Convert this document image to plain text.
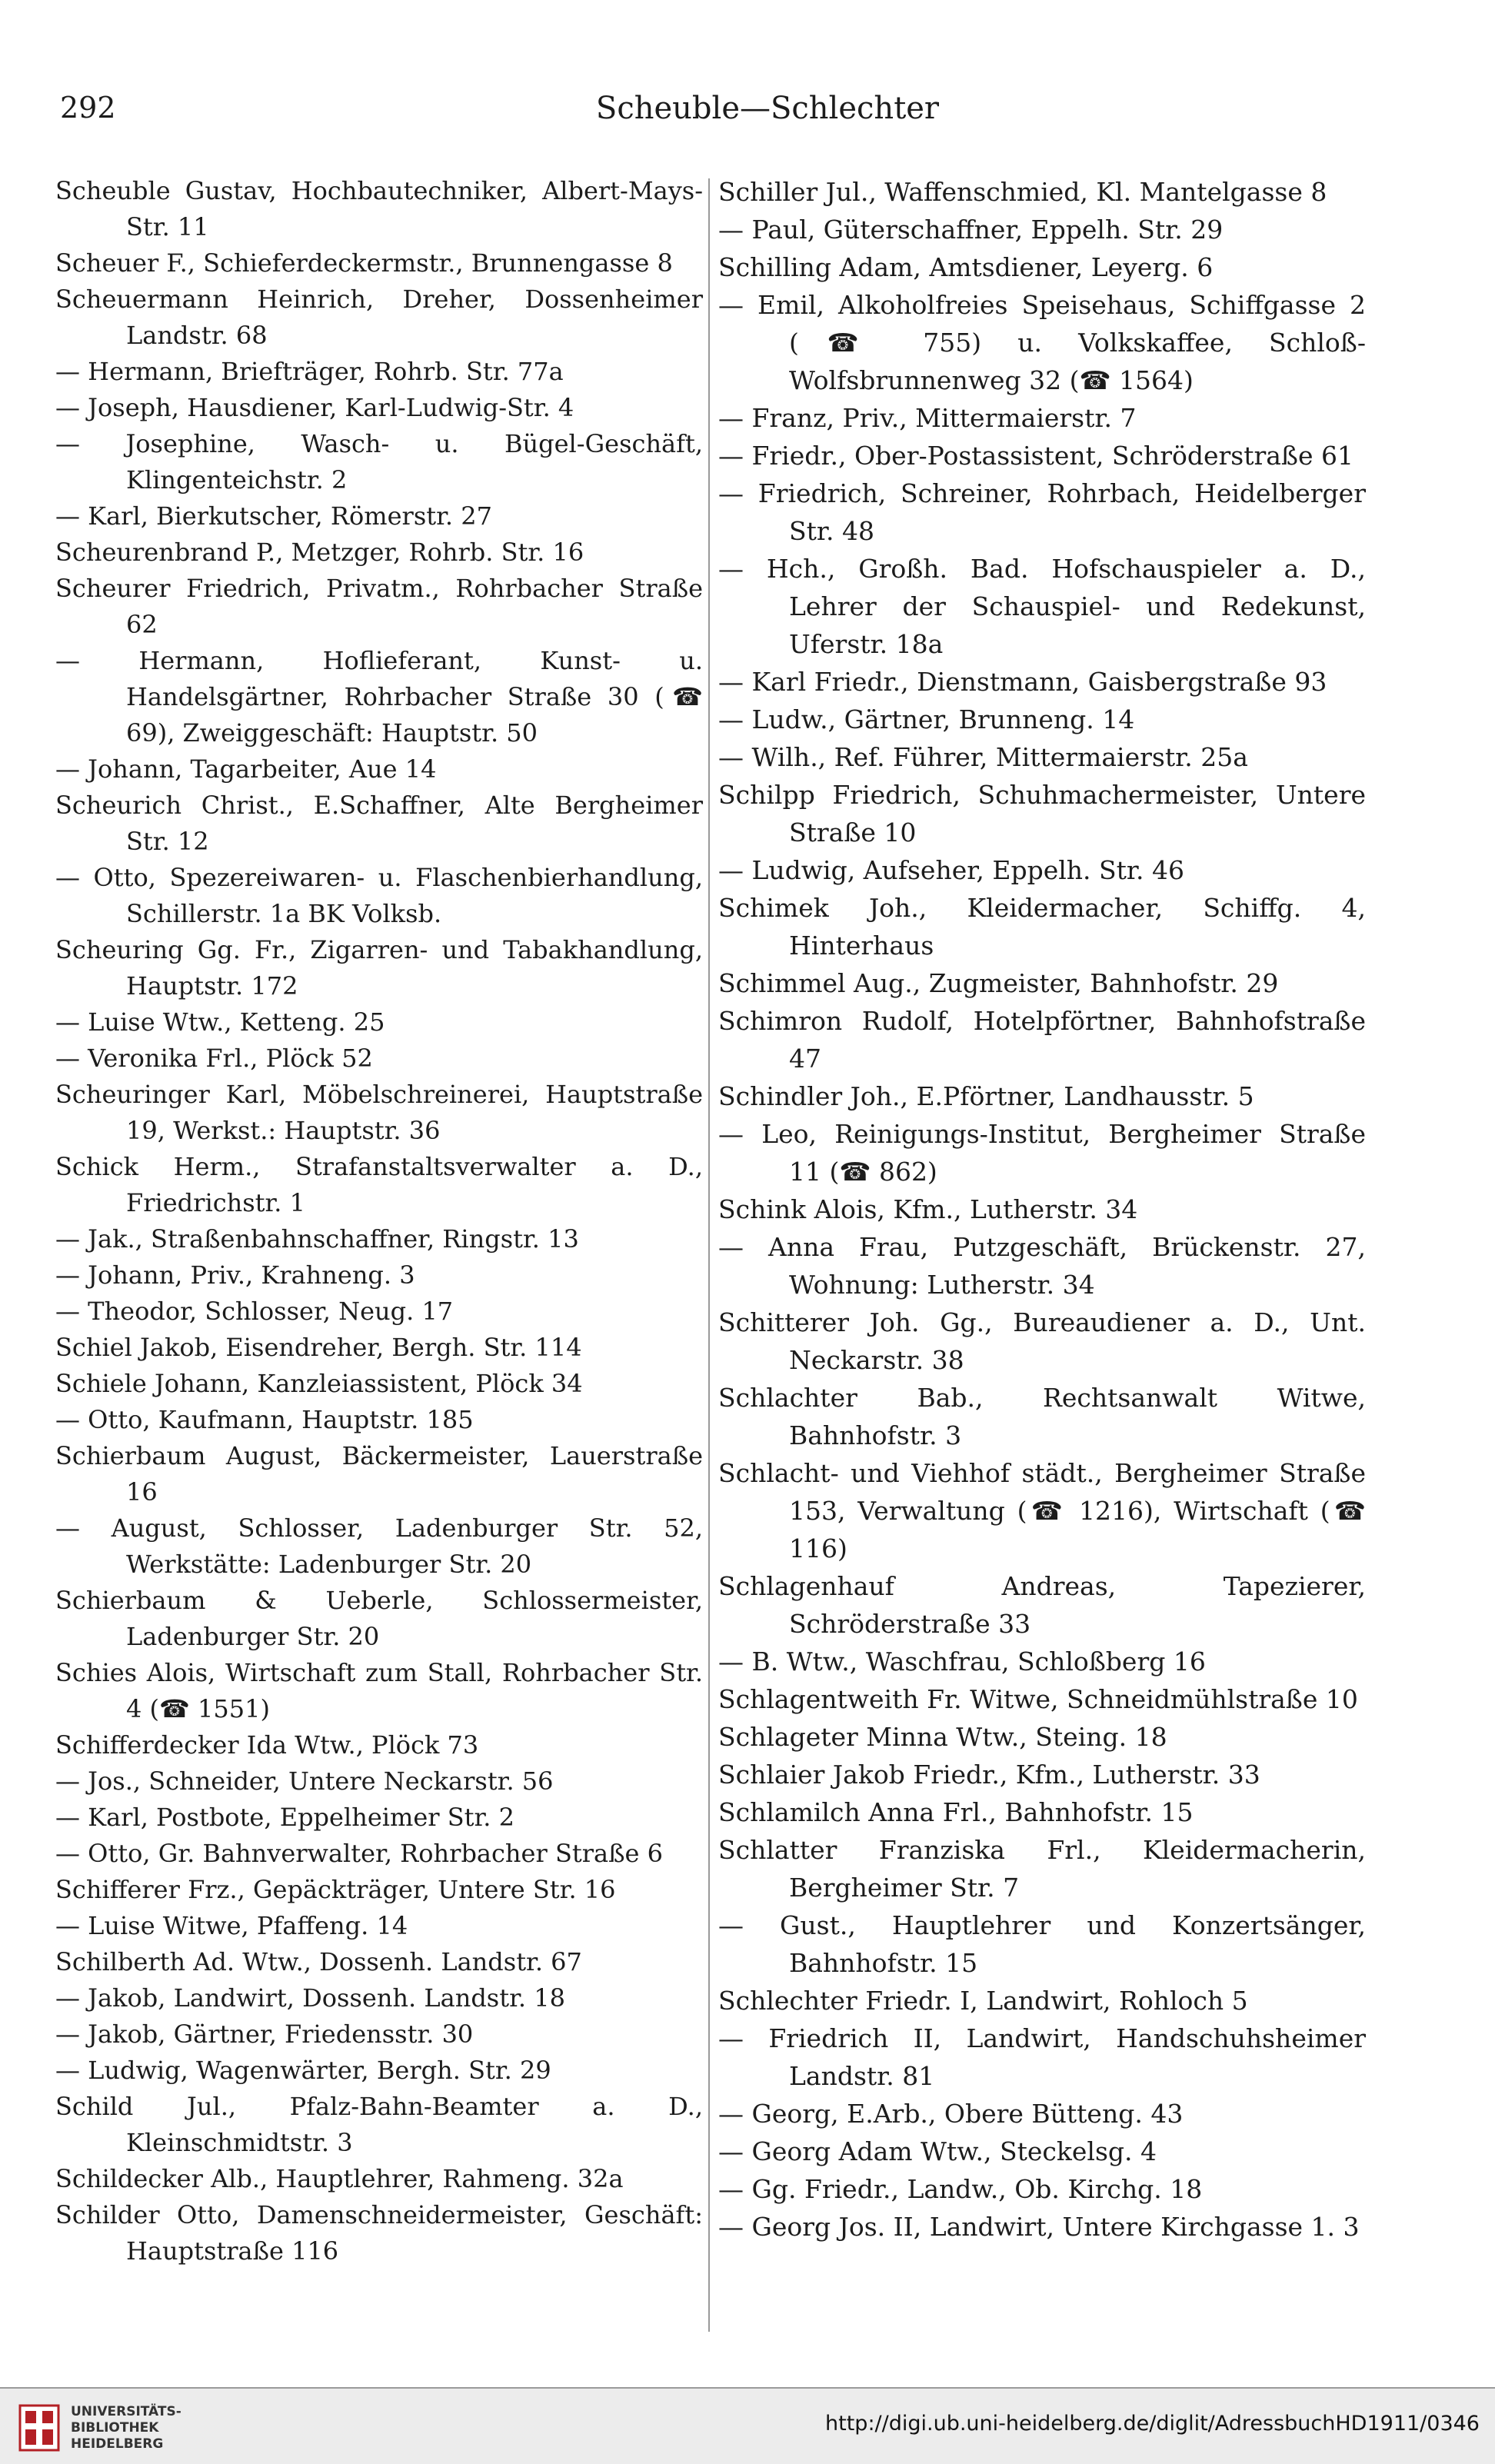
292	Scheuble—Schlechter

Scheuble Gustav, Hochbautechniker, Albert-Mays-Str. 11

Scheuer F., Schieferdeckermstr., Brunnengasse 8

Scheuermann Heinrich, Dreher, Dossenheimer Landstr. 68

— Hermann, Briefträger, Rohrb. Str. 77a

— Joseph, Hausdiener, Karl-Ludwig-Str. 4

— Josephine, Wasch- u. Bügel-Geschäft, Klingenteichstr. 2

— Karl, Bierkutscher, Römerstr. 27

Scheurenbrand P., Metzger, Rohrb. Str. 16

Scheurer Friedrich, Privatm., Rohrbacher Straße 62

— Hermann, Hoflieferant, Kunst- u. Handelsgärtner, Rohrbacher Straße 30 (☎ 69), Zweiggeschäft: Hauptstr. 50

— Johann, Tagarbeiter, Aue 14

Scheurich Christ., E.Schaffner, Alte Bergheimer Str. 12

— Otto, Spezereiwaren- u. Flaschenbierhandlung, Schillerstr. 1a BK Volksb.

Scheuring Gg. Fr., Zigarren- und Tabakhandlung, Hauptstr. 172

— Luise Wtw., Ketteng. 25

— Veronika Frl., Plöck 52

Scheuringer Karl, Möbelschreinerei, Hauptstraße 19, Werkst.: Hauptstr. 36

Schick Herm., Strafanstaltsverwalter a. D., Friedrichstr. 1

— Jak., Straßenbahnschaffner, Ringstr. 13

— Johann, Priv., Krahneng. 3

— Theodor, Schlosser, Neug. 17

Schiel Jakob, Eisendreher, Bergh. Str. 114

Schiele Johann, Kanzleiassistent, Plöck 34

— Otto, Kaufmann, Hauptstr. 185

Schierbaum August, Bäckermeister, Lauerstraße 16

— August, Schlosser, Ladenburger Str. 52, Werkstätte: Ladenburger Str. 20

Schierbaum & Ueberle, Schlossermeister, Ladenburger Str. 20

Schies Alois, Wirtschaft zum Stall, Rohrbacher Str. 4 (☎ 1551)

Schifferdecker Ida Wtw., Plöck 73

— Jos., Schneider, Untere Neckarstr. 56

— Karl, Postbote, Eppelheimer Str. 2

— Otto, Gr. Bahnverwalter, Rohrbacher Straße 6

Schifferer Frz., Gepäckträger, Untere Str. 16

— Luise Witwe, Pfaffeng. 14

Schilberth Ad. Wtw., Dossenh. Landstr. 67

— Jakob, Landwirt, Dossenh. Landstr. 18

— Jakob, Gärtner, Friedensstr. 30

— Ludwig, Wagenwärter, Bergh. Str. 29

Schild Jul., Pfalz-Bahn-Beamter a. D., Kleinschmidtstr. 3

Schildecker Alb., Hauptlehrer, Rahmeng. 32a

Schilder Otto, Damenschneidermeister, Geschäft: Hauptstraße 116

Schiller Jul., Waffenschmied, Kl. Mantelgasse 8

— Paul, Güterschaffner, Eppelh. Str. 29

Schilling Adam, Amtsdiener, Leyerg. 6

— Emil, Alkoholfreies Speisehaus, Schiffgasse 2 (☎ 755) u. Volkskaffee, Schloß-Wolfsbrunnenweg 32 (☎ 1564)

— Franz, Priv., Mittermaierstr. 7

— Friedr., Ober-Postassistent, Schröderstraße 61

— Friedrich, Schreiner, Rohrbach, Heidelberger Str. 48

— Hch., Großh. Bad. Hofschauspieler a. D., Lehrer der Schauspiel- und Redekunst, Uferstr. 18a

— Karl Friedr., Dienstmann, Gaisbergstraße 93

— Ludw., Gärtner, Brunneng. 14

— Wilh., Ref. Führer, Mittermaierstr. 25a

Schilpp Friedrich, Schuhmachermeister, Untere Straße 10

— Ludwig, Aufseher, Eppelh. Str. 46

Schimek Joh., Kleidermacher, Schiffg. 4, Hinterhaus

Schimmel Aug., Zugmeister, Bahnhofstr. 29

Schimron Rudolf, Hotelpförtner, Bahnhofstraße 47

Schindler Joh., E.Pförtner, Landhausstr. 5

— Leo, Reinigungs-Institut, Bergheimer Straße 11 (☎ 862)

Schink Alois, Kfm., Lutherstr. 34

— Anna Frau, Putzgeschäft, Brückenstr. 27, Wohnung: Lutherstr. 34

Schitterer Joh. Gg., Bureaudiener a. D., Unt. Neckarstr. 38

Schlachter Bab., Rechtsanwalt Witwe, Bahnhofstr. 3

Schlacht- und Viehhof städt., Bergheimer Straße 153, Verwaltung (☎ 1216), Wirtschaft (☎ 116)

Schlagenhauf Andreas, Tapezierer, Schröderstraße 33

— B. Wtw., Waschfrau, Schloßberg 16

Schlagentweith Fr. Witwe, Schneidmühlstraße 10

Schlageter Minna Wtw., Steing. 18

Schlaier Jakob Friedr., Kfm., Lutherstr. 33

Schlamilch Anna Frl., Bahnhofstr. 15

Schlatter Franziska Frl., Kleidermacherin, Bergheimer Str. 7

— Gust., Hauptlehrer und Konzertsänger, Bahnhofstr. 15

Schlechter Friedr. I, Landwirt, Rohloch 5

— Friedrich II, Landwirt, Handschuhsheimer Landstr. 81

— Georg, E.Arb., Obere Bütteng. 43

— Georg Adam Wtw., Steckelsg. 4

— Gg. Friedr., Landw., Ob. Kirchg. 18

— Georg Jos. II, Landwirt, Untere Kirchgasse 1. 3

UNIVERSITÄTS-
BIBLIOTHEK
HEIDELBERG
http://digi.ub.uni-heidelberg.de/diglit/AdressbuchHD1911/0346
